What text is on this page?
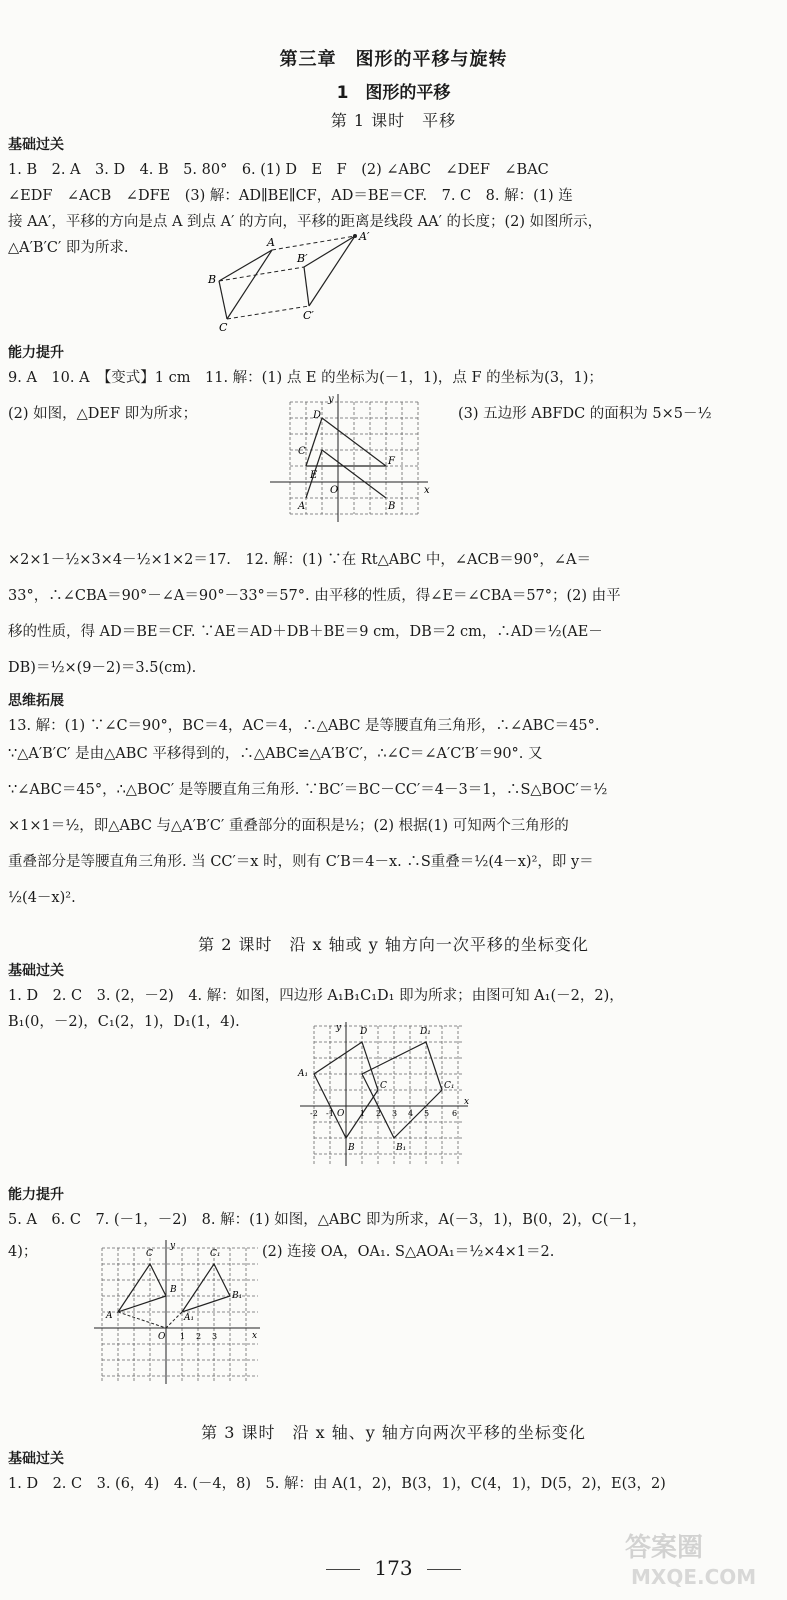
第三章　图形的平移与旋转
1　图形的平移
第 1 课时　平移
基础过关
1. B　2. A　3. D　4. B　5. 80°　6. (1) D　E　F　(2) ∠ABC　∠DEF　∠BAC
∠EDF　∠ACB　∠DFE　(3) 解：AD∥BE∥CF，AD＝BE＝CF.　7. C　8. 解：(1) 连
接 AA′，平移的方向是点 A 到点 A′ 的方向，平移的距离是线段 AA′ 的长度；(2) 如图所示，
△A′B′C′ 即为所求.	A	A′
B
B′
C
C′
能力提升
9. A　10. A　【变式】1 cm　11. 解：(1) 点 E 的坐标为(－1，1)，点 F 的坐标为(3，1)；
(2) 如图，△DEF 即为所求；	(3) 五边形 ABFDC 的面积为 5×5－½
x
y
O
D
C
E
F
A	B
×2×1－½×3×4－½×1×2＝17.　12. 解：(1) ∵在 Rt△ABC 中，∠ACB＝90°，∠A＝
33°，∴∠CBA＝90°－∠A＝90°－33°＝57°. 由平移的性质，得∠E＝∠CBA＝57°；(2) 由平
移的性质，得 AD＝BE＝CF. ∵AE＝AD＋DB＋BE＝9 cm，DB＝2 cm，∴AD＝½(AE－
DB)＝½×(9－2)＝3.5(cm).
思维拓展
13. 解：(1) ∵∠C＝90°，BC＝4，AC＝4，∴△ABC 是等腰直角三角形，∴∠ABC＝45°.
∵△A′B′C′ 是由△ABC 平移得到的，∴△ABC≌△A′B′C′，∴∠C＝∠A′C′B′＝90°. 又
∵∠ABC＝45°，∴△BOC′ 是等腰直角三角形. ∵BC′＝BC－CC′＝4－3＝1，∴S△BOC′＝½
×1×1＝½，即△ABC 与△A′B′C′ 重叠部分的面积是½；(2) 根据(1) 可知两个三角形的
重叠部分是等腰直角三角形. 当 CC′＝x 时，则有 C′B＝4－x. ∴S重叠＝½(4－x)²，即 y＝
½(4－x)².
第 2 课时　沿 x 轴或 y 轴方向一次平移的坐标变化
基础过关
1. D　2. C　3. (2，－2)　4. 解：如图，四边形 A₁B₁C₁D₁ 即为所求；由图可知 A₁(－2，2)，
B₁(0，－2)，C₁(2，1)，D₁(1，4).
x
y
O
D	D₁
A₁
B	B₁
C	C₁
-2 -1	1 2 3 4 5	6
能力提升
5. A　6. C　7. (－1，－2)　8. 解：(1) 如图，△ABC 即为所求，A(－3，1)，B(0，2)，C(－1，
4)；	(2) 连接 OA，OA₁. S△AOA₁＝½×4×1＝2.
x
y
O
C	C₁
B
B₁
A	A₁
1 2 3
第 3 课时　沿 x 轴、y 轴方向两次平移的坐标变化
基础过关
1. D　2. C　3. (6，4)　4. (－4，8)　5. 解：由 A(1，2)，B(3，1)，C(4，1)，D(5，2)，E(3，2)
173
答案圈
MXQE.COM
